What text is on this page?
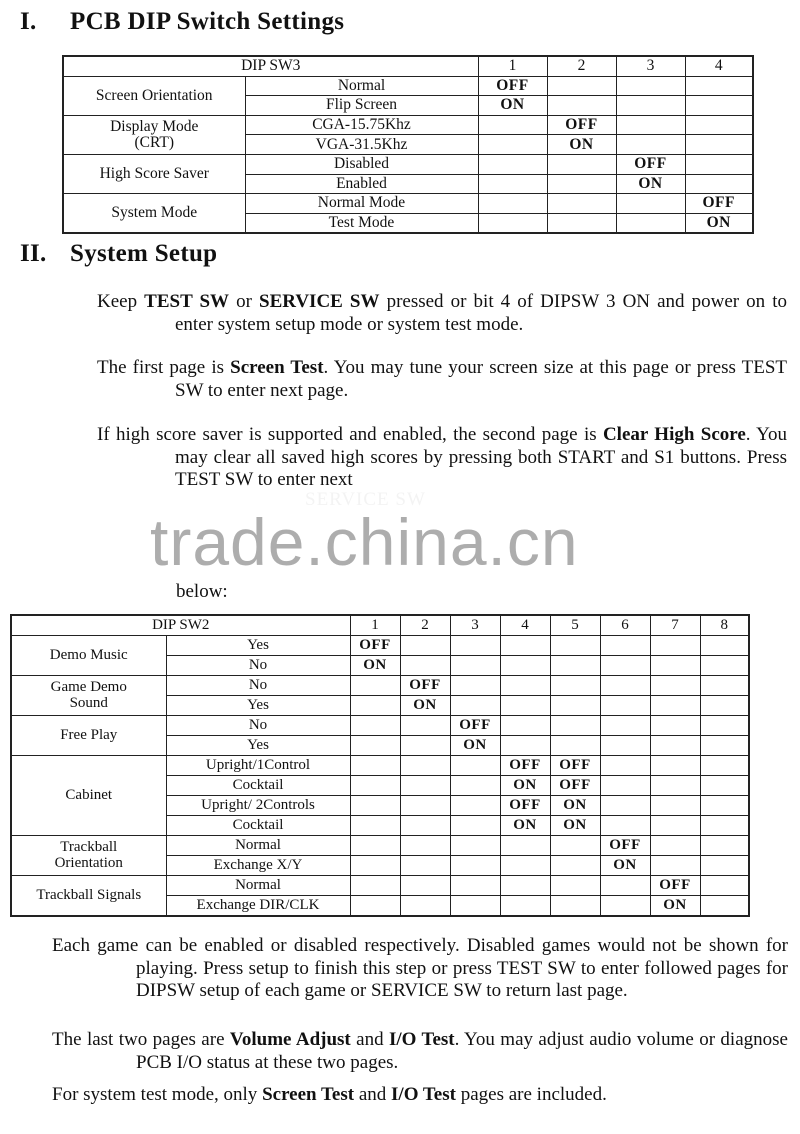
I. PCB DIP Switch Settings
DIP SW3		1	2	3	4
Screen Orientation	Normal	OFF			
	Flip Screen	ON			
Display Mode
(CRT)	CGA-15.75Khz		OFF		
	VGA-31.5Khz		ON		
High Score Saver	Disabled			OFF	
	Enabled			ON	
System Mode	Normal Mode				OFF
	Test Mode				ON
II. System Setup

Keep TEST SW or SERVICE SW pressed or bit 4 of DIPSW 3 ON and power on to enter system setup mode or system test mode.

The first page is Screen Test. You may tune your screen size at this page or press TEST SW to enter next page.

If high score saver is supported and enabled, the second page is Clear High Score. You may clear all saved high scores by pressing both START and S1 buttons. Press TEST SW to enter next

trade.china.cn

below:

DIP SW2		1	2	3	4	5	6	7	8
Demo Music	Yes	OFF							
	No	ON							
Game Demo
Sound	No		OFF						
	Yes		ON						
Free Play	No			OFF					
	Yes			ON					
Cabinet	Upright/1Control				OFF	OFF			
	Cocktail				ON	OFF			
	Upright/ 2Controls				OFF	ON			
	Cocktail				ON	ON			
Trackball
Orientation	Normal						OFF		
	Exchange X/Y						ON		
Trackball Signals	Normal							OFF	
	Exchange DIR/CLK							ON	

Each game can be enabled or disabled respectively. Disabled games would not be shown for playing. Press setup to finish this step or press TEST SW to enter followed pages for DIPSW setup of each game or SERVICE SW to return last page.

The last two pages are Volume Adjust and I/O Test. You may adjust audio volume or diagnose PCB I/O status at these two pages.

For system test mode, only Screen Test and I/O Test pages are included.
